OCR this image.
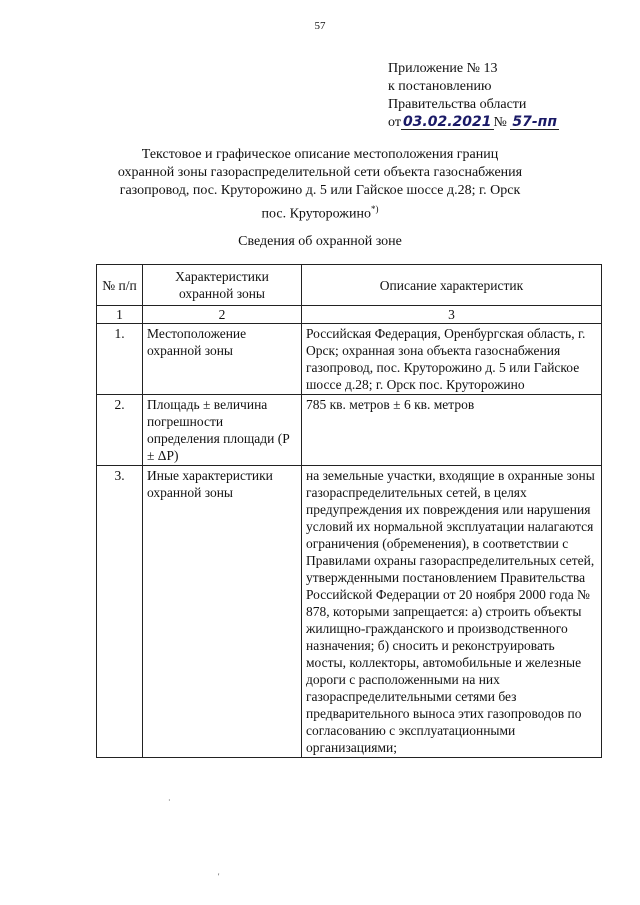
57
Приложение № 13
к постановлению
Правительства области
от 03.02.2021 № 57-пп
Текстовое и графическое описание местоположения границ
охранной зоны газораспределительной сети объекта газоснабжения
газопровод, пос. Круторожино д. 5 или Гайское шоссе д.28; г. Орск
пос. Круторожино*)
Сведения об охранной зоне
№ п/п	Характеристики охранной зоны	Описание характеристик
1	2	3
1.	Местоположение охранной зоны	Российская Федерация, Оренбургская область, г. Орск; охранная зона объекта газоснабжения газопровод, пос. Круторожино д. 5 или Гайское шоссе д.28; г. Орск пос. Круторожино
2.	Площадь ± величина погрешности определения площади (Р ± ΔР)	785 кв. метров ± 6 кв. метров
3.	Иные характеристики охранной зоны	на земельные участки, входящие в охранные зоны газораспределительных сетей, в целях предупреждения их повреждения или нарушения условий их нормальной эксплуатации налагаются ограничения (обременения), в соответствии с Правилами охраны газораспределительных сетей, утвержденными постановлением Правительства Российской Федерации от 20 ноября 2000 года № 878, которыми запрещается: а) строить объекты жилищно-гражданского и производственного назначения; б) сносить и реконструировать мосты, коллекторы, автомобильные и железные дороги с расположенными на них газораспределительными сетями без предварительного выноса этих газопроводов по согласованию с эксплуатационными организациями;
·
'
